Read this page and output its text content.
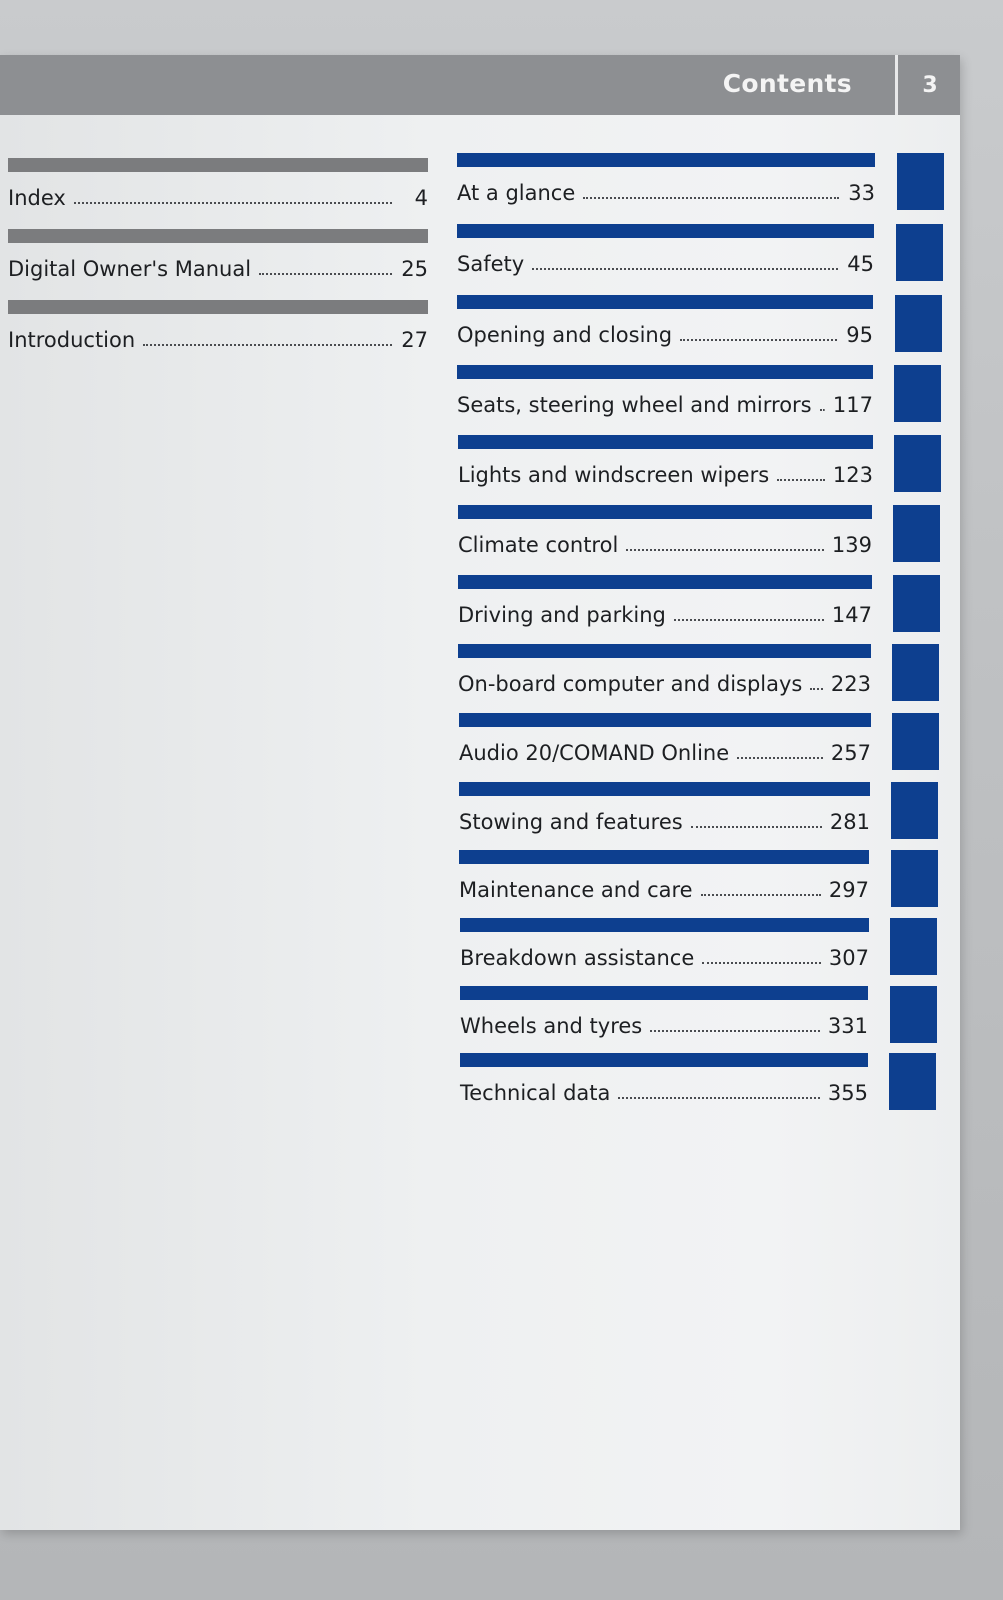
Contents	3
Index	4
Digital Owner's Manual	25
Introduction	27
At a glance	33
Safety	45
Opening and closing	95
Seats, steering wheel and mirrors 117
Lights and windscreen wipers	123
Climate control	139
Driving and parking	147
On-board computer and displays 223
Audio 20/COMAND Online	257
Stowing and features	281
Maintenance and care	297
Breakdown assistance	307
Wheels and tyres	331
Technical data	355
